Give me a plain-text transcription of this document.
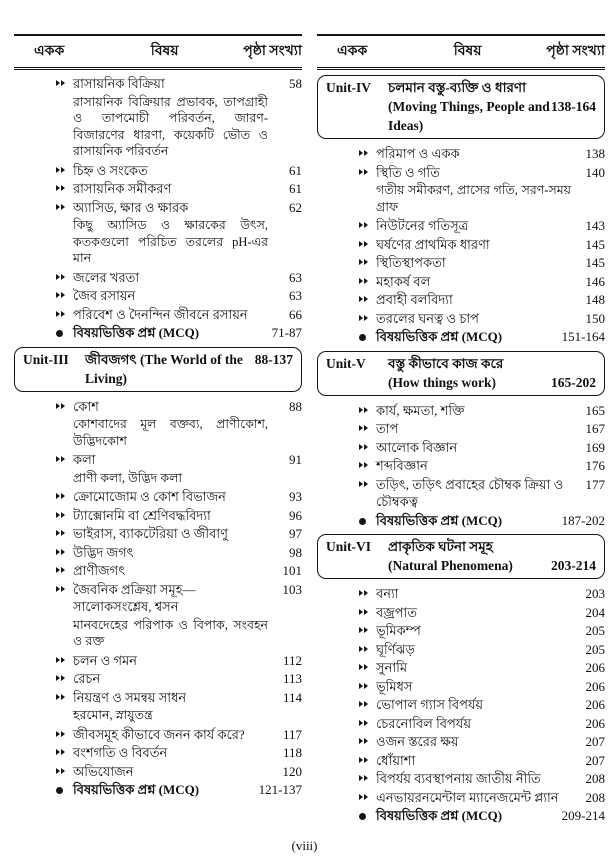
একক	বিষয়	পৃষ্ঠা সংখ্যা
রাসায়নিক বিক্রিয়া	58
রাসায়নিক বিক্রিয়ার প্রভাবক, তাপগ্রাহী ও তাপমোচী পরিবর্তন, জারণ-বিজারণের ধারণা, কয়েকটি ভৌত ও রাসায়নিক পরিবর্তন
চিহ্ন ও সংকেত	61
রাসায়নিক সমীকরণ	61
অ্যাসিড, ক্ষার ও ক্ষারক	62
কিছু অ্যাসিড ও ক্ষারকের উৎস, কতকগুলো পরিচিত তরলের pH-এর মান
জলের খরতা	63
জৈব রসায়ন	63
পরিবেশ ও দৈনন্দিন জীবনে রসায়ন	66
বিষয়ভিত্তিক প্রশ্ন (MCQ)	71-87
Unit-III	জীবজগৎ (The World of the Living)
88-137
কোশ	88
কোশবাদের মূল বক্তব্য, প্রাণীকোশ, উদ্ভিদকোশ
কলা	91
প্রাণী কলা, উদ্ভিদ কলা
ক্রোমোজোম ও কোশ বিভাজন	93
ট্যাক্সোনমি বা শ্রেণিবদ্ধবিদ্যা	96
ভাইরাস, ব্যাকটেরিয়া ও জীবাণু	97
উদ্ভিদ জগৎ	98
প্রাণীজগৎ	101
জৈবনিক প্রক্রিয়া সমূহ—সালোকসংশ্লেষ, শ্বসন
103
মানবদেহের পরিপাক ও বিপাক, সংবহন ও রক্ত
চলন ও গমন	112
রেচন	113
নিয়ন্ত্রণ ও সমন্বয় সাধন	114
হরমোন, স্নায়ুতন্ত্র
জীবসমূহ কীভাবে জনন কার্য করে?	117
বংশগতি ও বিবর্তন	118
অভিযোজন	120
বিষয়ভিত্তিক প্রশ্ন (MCQ)	121-137
একক	বিষয়	পৃষ্ঠা সংখ্যা
Unit-IV	চলমান বস্তু-ব্যক্তি ও ধারণা
(Moving Things, People and Ideas)
138-164
পরিমাপ ও একক	138
স্থিতি ও গতি	140
গতীয় সমীকরণ, প্রাসের গতি, সরণ-সময় গ্রাফ
নিউটনের গতিসূত্র	143
ঘর্ষণের প্রাথমিক ধারণা	145
স্থিতিস্থাপকতা	145
মহাকর্ষ বল	146
প্রবাহী বলবিদ্যা	148
তরলের ঘনত্ব ও চাপ	150
বিষয়ভিত্তিক প্রশ্ন (MCQ)	151-164
Unit-V	বস্তু কীভাবে কাজ করে
(How things work)	165-202
কার্য, ক্ষমতা, শক্তি	165
তাপ	167
আলোক বিজ্ঞান	169
শব্দবিজ্ঞান	176
তড়িৎ, তড়িৎ প্রবাহের চৌম্বক ক্রিয়া ও চৌম্বকত্ব
177
বিষয়ভিত্তিক প্রশ্ন (MCQ)	187-202
Unit-VI	প্রাকৃতিক ঘটনা সমূহ
(Natural Phenomena)	203-214
বন্যা	203
বজ্রপাত	204
ভূমিকম্প	205
ঘূর্ণিঝড়	205
সুনামি	206
ভূমিধস	206
ভোপাল গ্যাস বিপর্যয়	206
চেরনোবিল বিপর্যয়	206
ওজন স্তরের ক্ষয়	207
ধোঁয়াশা	207
বিপর্যয় ব্যবস্থাপনায় জাতীয় নীতি	208
এনভায়রনমেন্টাল ম্যানেজমেন্ট প্ল্যান	208
বিষয়ভিত্তিক প্রশ্ন (MCQ)	209-214
(viii)
